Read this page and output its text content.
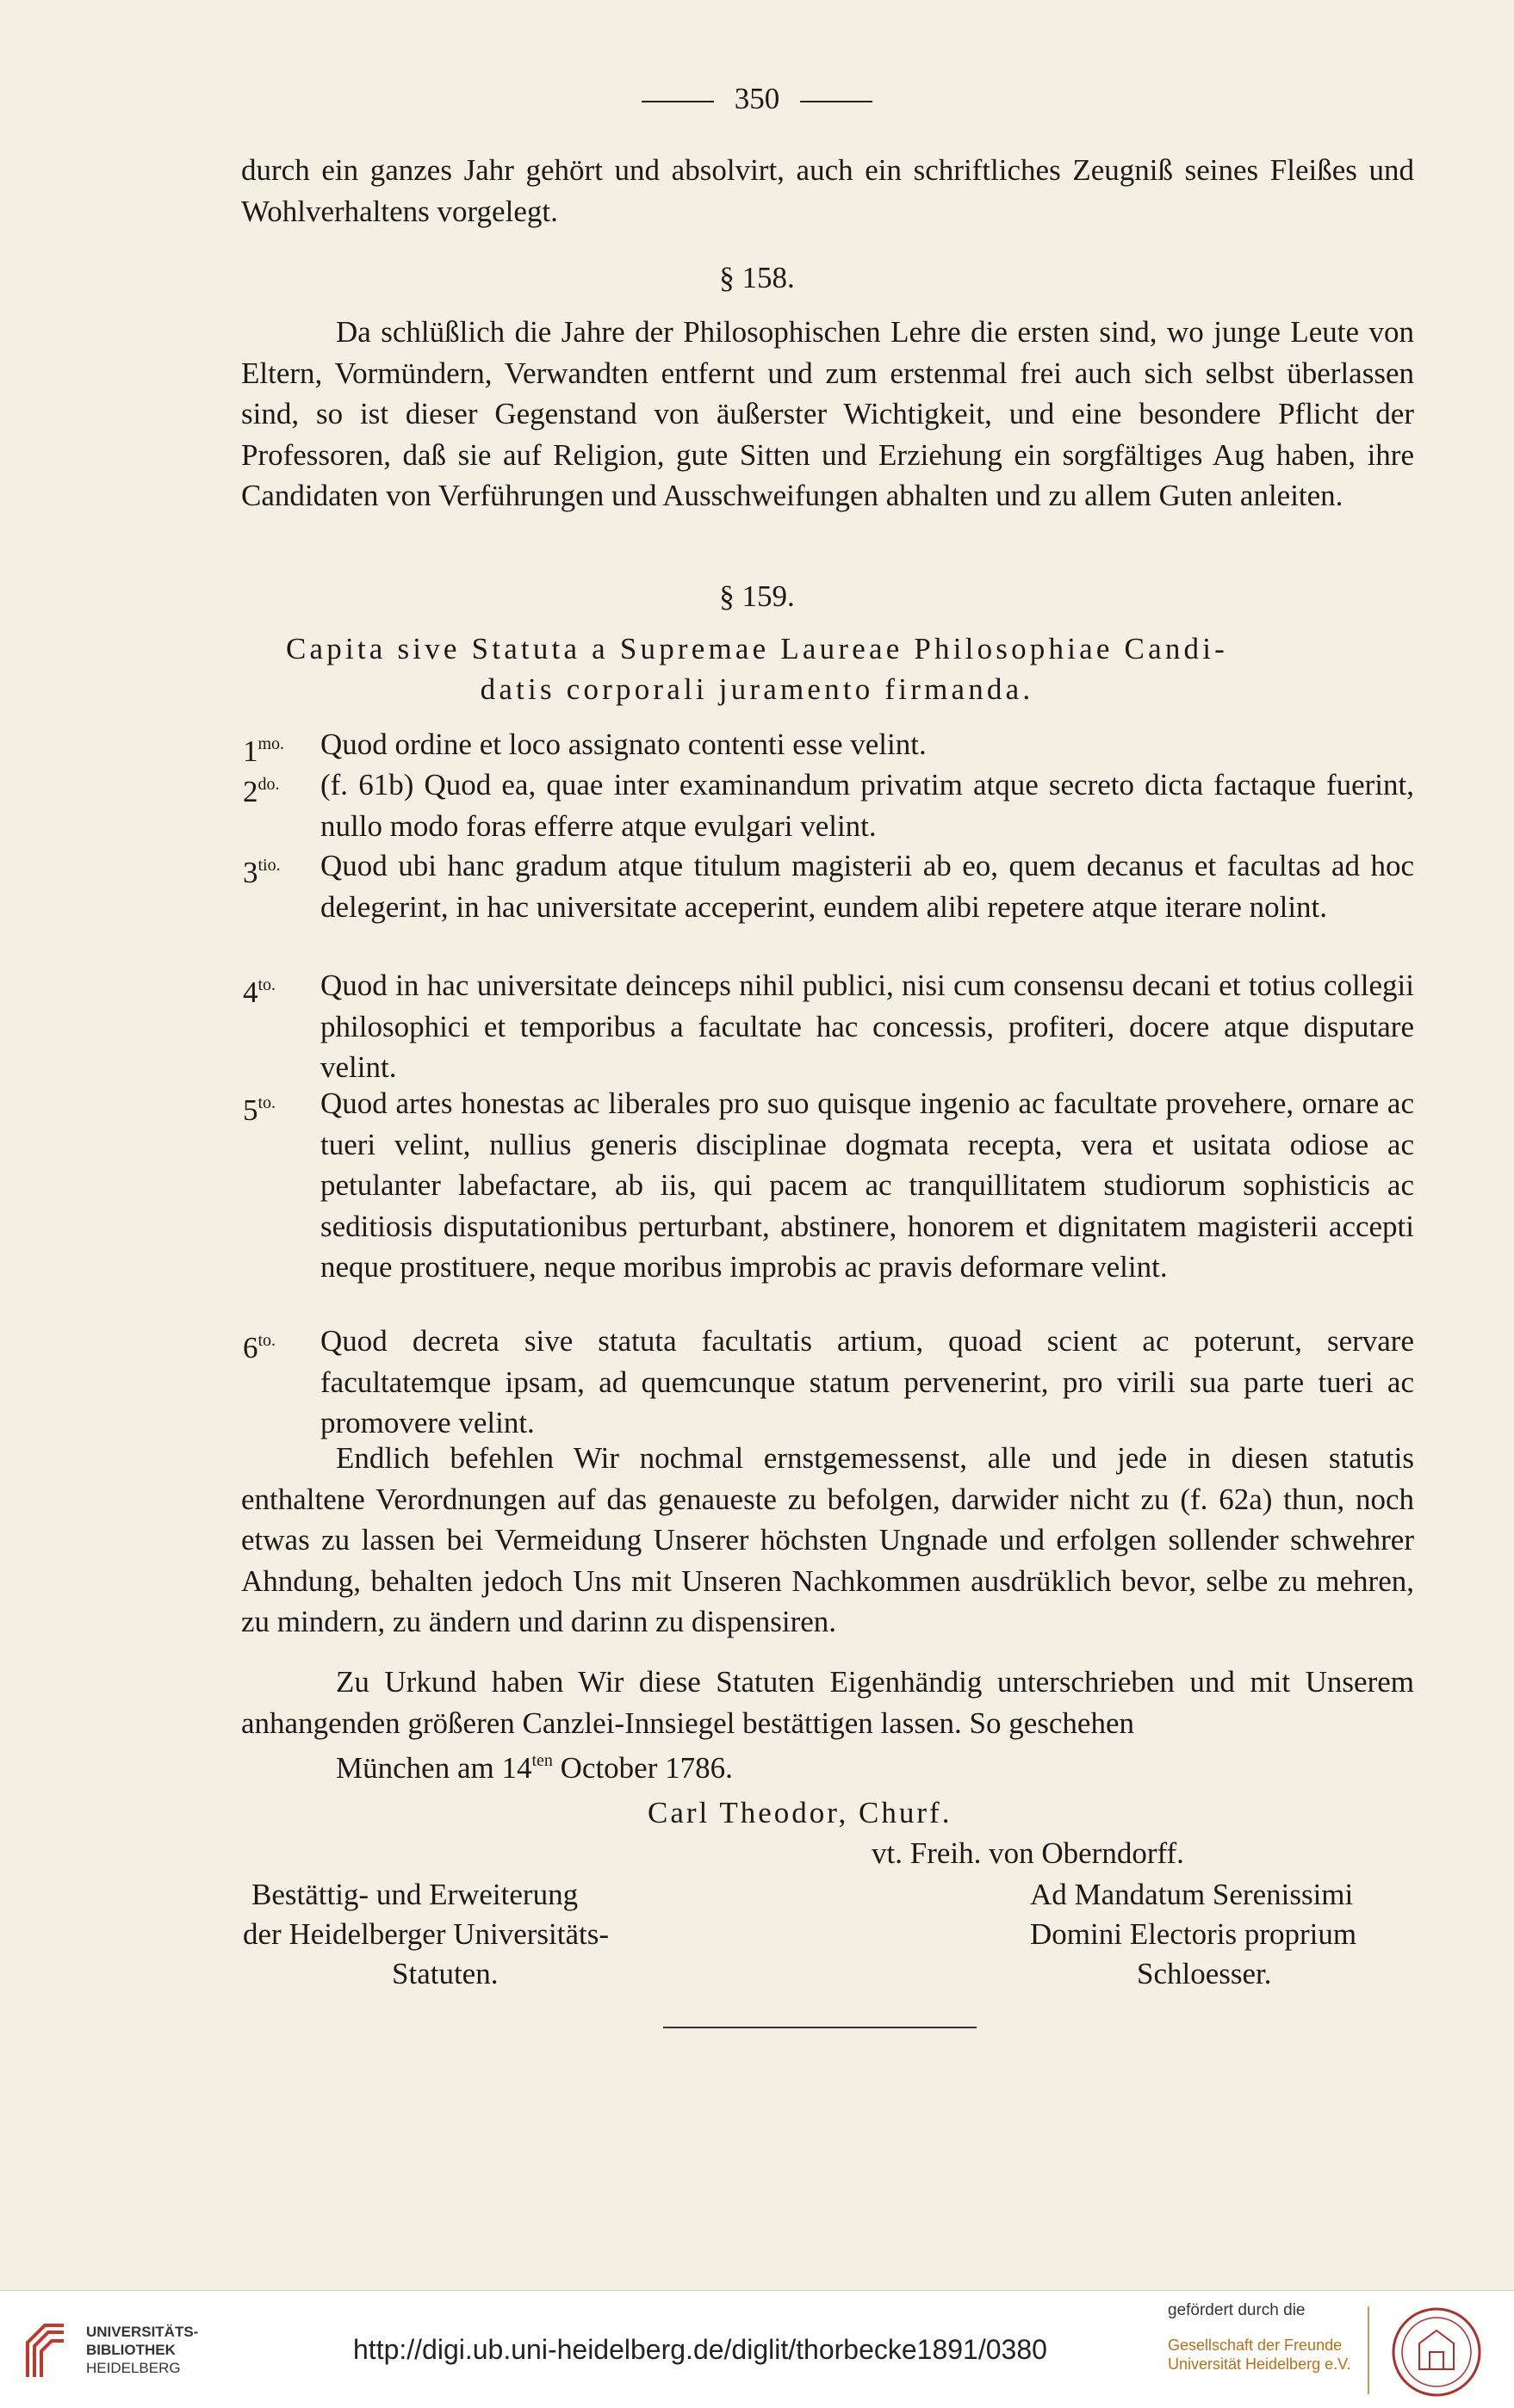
350

durch ein ganzes Jahr gehört und absolvirt, auch ein schriftliches Zeugniß seines Fleißes und Wohlverhaltens vorgelegt.

§ 158.

Da schlüßlich die Jahre der Philosophischen Lehre die ersten sind, wo junge Leute von Eltern, Vormündern, Verwandten entfernt und zum erstenmal frei auch sich selbst überlassen sind, so ist dieser Gegenstand von äußerster Wichtigkeit, und eine besondere Pflicht der Professoren, daß sie auf Religion, gute Sitten und Erziehung ein sorgfältiges Aug haben, ihre Candidaten von Verführungen und Ausschweifungen abhalten und zu allem Guten anleiten.

§ 159.
Capita sive Statuta a Supremae Laureae Philosophiae Candi-
datis corporali juramento firmanda.
$1^{mo.}$ Quod ordine et loco assignato contenti esse velint.
$2^{do.}$ (f. 61b) Quod ea, quae inter examinandum privatim atque secreto dicta factaque fuerint, nullo modo foras efferre atque evulgari velint.
$3^{tio.}$ Quod ubi hanc gradum atque titulum magisterii ab eo, quem decanus et facultas ad hoc delegerint, in hac universitate acceperint, eundem alibi repetere atque iterare nolint.
$4^{to.}$ Quod in hac universitate deinceps nihil publici, nisi cum consensu decani et totius collegii philosophici et temporibus a facultate hac concessis, profiteri, docere atque disputare velint.
$5^{to.}$ Quod artes honestas ac liberales pro suo quisque ingenio ac facultate provehere, ornare ac tueri velint, nullius generis disciplinae dogmata recepta, vera et usitata odiose ac petulanter labefactare, ab iis, qui pacem ac tranquillitatem studiorum sophisticis ac seditiosis disputationibus perturbant, abstinere, honorem et dignitatem magisterii accepti neque prostituere, neque moribus improbis ac pravis deformare velint.
$6^{to.}$ Quod decreta sive statuta facultatis artium, quoad scient ac poterunt, servare facultatemque ipsam, ad quemcunque statum pervenerint, pro virili sua parte tueri ac promovere velint.

Endlich befehlen Wir nochmal ernstgemessenst, alle und jede in diesen statutis enthaltene Verordnungen auf das genaueste zu befolgen, darwider nicht zu (f. 62a) thun, noch etwas zu lassen bei Vermeidung Unserer höchsten Ungnade und erfolgen sollender schwehrer Ahndung, behalten jedoch Uns mit Unseren Nachkommen ausdrüklich bevor, selbe zu mehren, zu mindern, zu ändern und darinn zu dispensiren.

Zu Urkund haben Wir diese Statuten Eigenhändig unterschrieben und mit Unserem anhangenden größeren Canzlei-Innsiegel bestättigen lassen. So geschehen

München am $14^{ten}$ October 1786.
Carl Theodor, Churf.
vt. Freih. von Oberndorff.
Bestättig- und Erweiterung
der Heidelberger Universitäts-
Statuten.
Ad Mandatum Serenissimi
Domini Electoris proprium
Schloesser.
UNIVERSITÄTS-
BIBLIOTHEK
HEIDELBERG
http://digi.ub.uni-heidelberg.de/diglit/thorbecke1891/0380
gefördert durch die
Gesellschaft der Freunde
Universität Heidelberg e.V.
